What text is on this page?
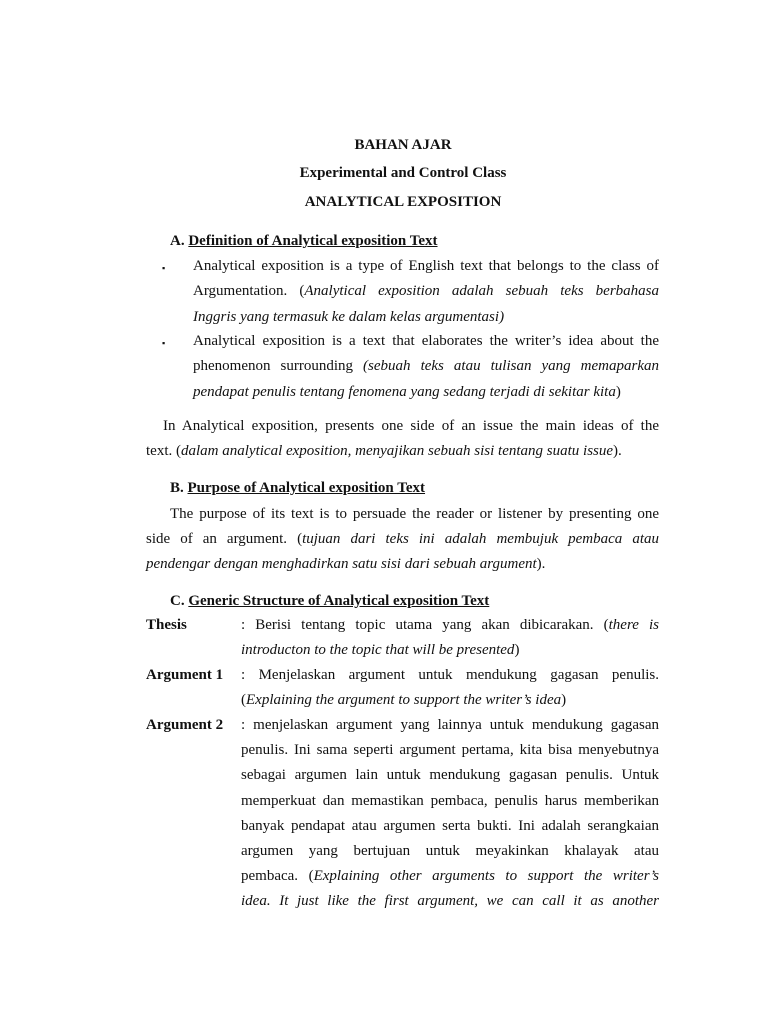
BAHAN AJAR
Experimental and Control Class
ANALYTICAL EXPOSITION
A. Definition of Analytical exposition Text
▪ Analytical exposition is a type of English text that belongs to the class of
Argumentation. (Analytical exposition adalah sebuah teks berbahasa
Inggris yang termasuk ke dalam kelas argumentasi)
▪ Analytical exposition is a text that elaborates the writer’s idea about the
phenomenon surrounding (sebuah teks atau tulisan yang memaparkan
pendapat penulis tentang fenomena yang sedang terjadi di sekitar kita)
In Analytical exposition, presents one side of an issue the main ideas of the
text. (dalam analytical exposition, menyajikan sebuah sisi tentang suatu issue).
B. Purpose of Analytical exposition Text
The purpose of its text is to persuade the reader or listener by presenting one
side of an argument. (tujuan dari teks ini adalah membujuk pembaca atau
pendengar dengan menghadirkan satu sisi dari sebuah argument).
C. Generic Structure of Analytical exposition Text
Thesis	: Berisi tentang topic utama yang akan dibicarakan. (there is
introducton to the topic that will be presented)
Argument 1 : Menjelaskan argument untuk mendukung gagasan penulis.
(Explaining the argument to support the writer’s idea)
Argument 2 : menjelaskan argument yang lainnya untuk mendukung gagasan
penulis. Ini sama seperti argument pertama, kita bisa menyebutnya
sebagai argumen lain untuk mendukung gagasan penulis. Untuk
memperkuat dan memastikan pembaca, penulis harus memberikan
banyak pendapat atau argumen serta bukti. Ini adalah serangkaian
argumen yang bertujuan untuk meyakinkan khalayak atau
pembaca. (Explaining other arguments to support the writer’s
idea. It just like the first argument, we can call it as another
